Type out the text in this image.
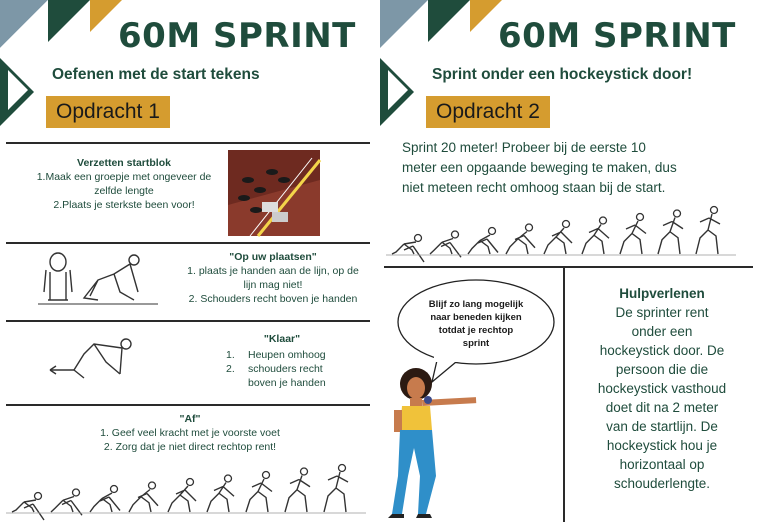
60M SPRINT
Oefenen met de start tekens
Opdracht 1
Verzetten startblok
1.Maak een groepje met ongeveer de
zelfde lengte
2.Plaats je sterkste been voor!
"Op uw plaatsen"
1. plaats je handen aan de lijn, op de
lijn mag niet!
2. Schouders recht boven je handen
"Klaar"
1. Heupen omhoog
2. schouders recht
boven je handen
"Af"
1. Geef veel kracht met je voorste voet
2. Zorg dat je niet direct rechtop rent!
60M SPRINT
Sprint onder een hockeystick door!
Opdracht 2
Sprint 20 meter! Probeer bij de eerste 10
meter een opgaande beweging te maken, dus
niet meteen recht omhoog staan bij de start.
Blijf zo lang mogelijk
naar beneden kijken
totdat je rechtop
sprint
Hulpverlenen
De sprinter rent
onder een
hockeystick door. De
persoon die die
hockeystick vasthoud
doet dit na 2 meter
van de startlijn. De
hockeystick hou je
horizontaal op
schouderlengte.
